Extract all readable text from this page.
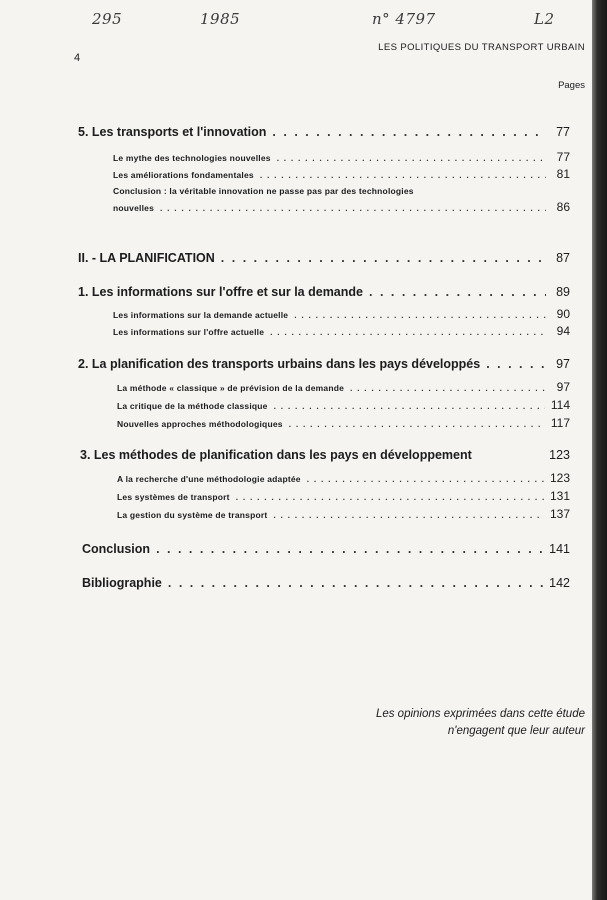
295	1985	n° 4797	L2
4
LES POLITIQUES DU TRANSPORT URBAIN
Pages
5. Les transports et l'innovation . . .	77
Le mythe des technologies nouvelles . . .	77
Les améliorations fondamentales . . .	81
Conclusion : la véritable innovation ne passe pas par des technologies
nouvelles . . .	86
II. - LA PLANIFICATION . . .	87
1. Les informations sur l'offre et sur la demande . . .	89
Les informations sur la demande actuelle . . .	90
Les informations sur l'offre actuelle . . .	94
2. La planification des transports urbains dans les pays développés . . .	97
La méthode « classique » de prévision de la demande . . .	97
La critique de la méthode classique . . .	114
Nouvelles approches méthodologiques . . .	117
3. Les méthodes de planification dans les pays en développement	123
A la recherche d'une méthodologie adaptée . . .	123
Les systèmes de transport . . .	131
La gestion du système de transport . . .	137
Conclusion . . .	141
Bibliographie . . .	142
Les opinions exprimées dans cette étude
n'engagent que leur auteur
